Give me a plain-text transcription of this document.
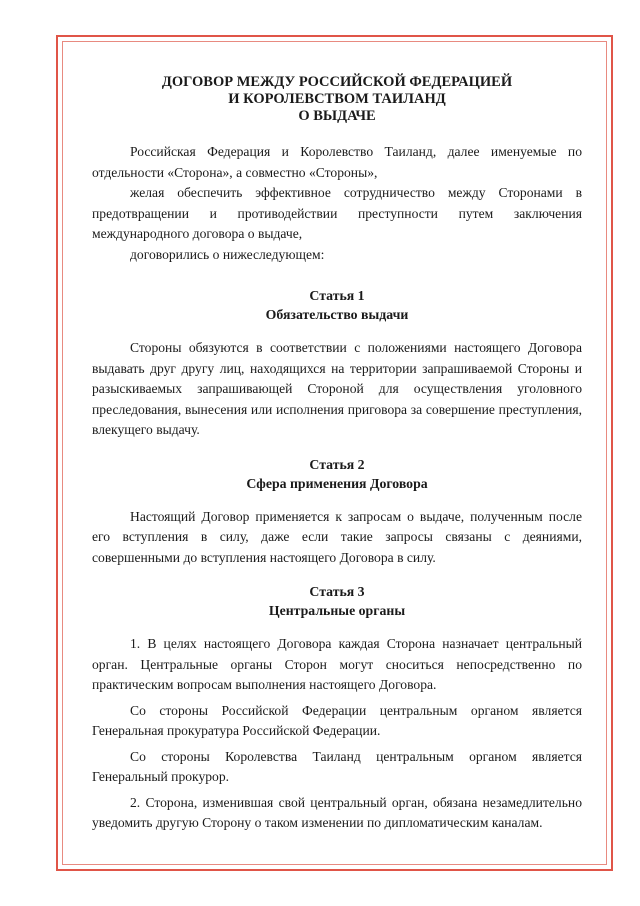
ДОГОВОР МЕЖДУ РОССИЙСКОЙ ФЕДЕРАЦИЕЙ
И КОРОЛЕВСТВОМ ТАИЛАНД
О ВЫДАЧЕ

Российская Федерация и Королевство Таиланд, далее именуемые по отдельности «Сторона», а совместно «Стороны»,

желая обеспечить эффективное сотрудничество между Сторонами в предотвращении и противодействии преступности путем заключения международного договора о выдаче,

договорились о нижеследующем:

Статья 1
Обязательство выдачи

Стороны обязуются в соответствии с положениями настоящего Договора выдавать друг другу лиц, находящихся на территории запрашиваемой Стороны и разыскиваемых запрашивающей Стороной для осуществления уголовного преследования, вынесения или исполнения приговора за совершение преступления, влекущего выдачу.

Статья 2
Сфера применения Договора

Настоящий Договор применяется к запросам о выдаче, полученным после его вступления в силу, даже если такие запросы связаны с деяниями, совершенными до вступления настоящего Договора в силу.

Статья 3
Центральные органы

1. В целях настоящего Договора каждая Сторона назначает центральный орган. Центральные органы Сторон могут сноситься непосредственно по практическим вопросам выполнения настоящего Договора.

Со стороны Российской Федерации центральным органом является Генеральная прокуратура Российской Федерации.

Со стороны Королевства Таиланд центральным органом является Генеральный прокурор.

2. Сторона, изменившая свой центральный орган, обязана незамедлительно уведомить другую Сторону о таком изменении по дипломатическим каналам.
